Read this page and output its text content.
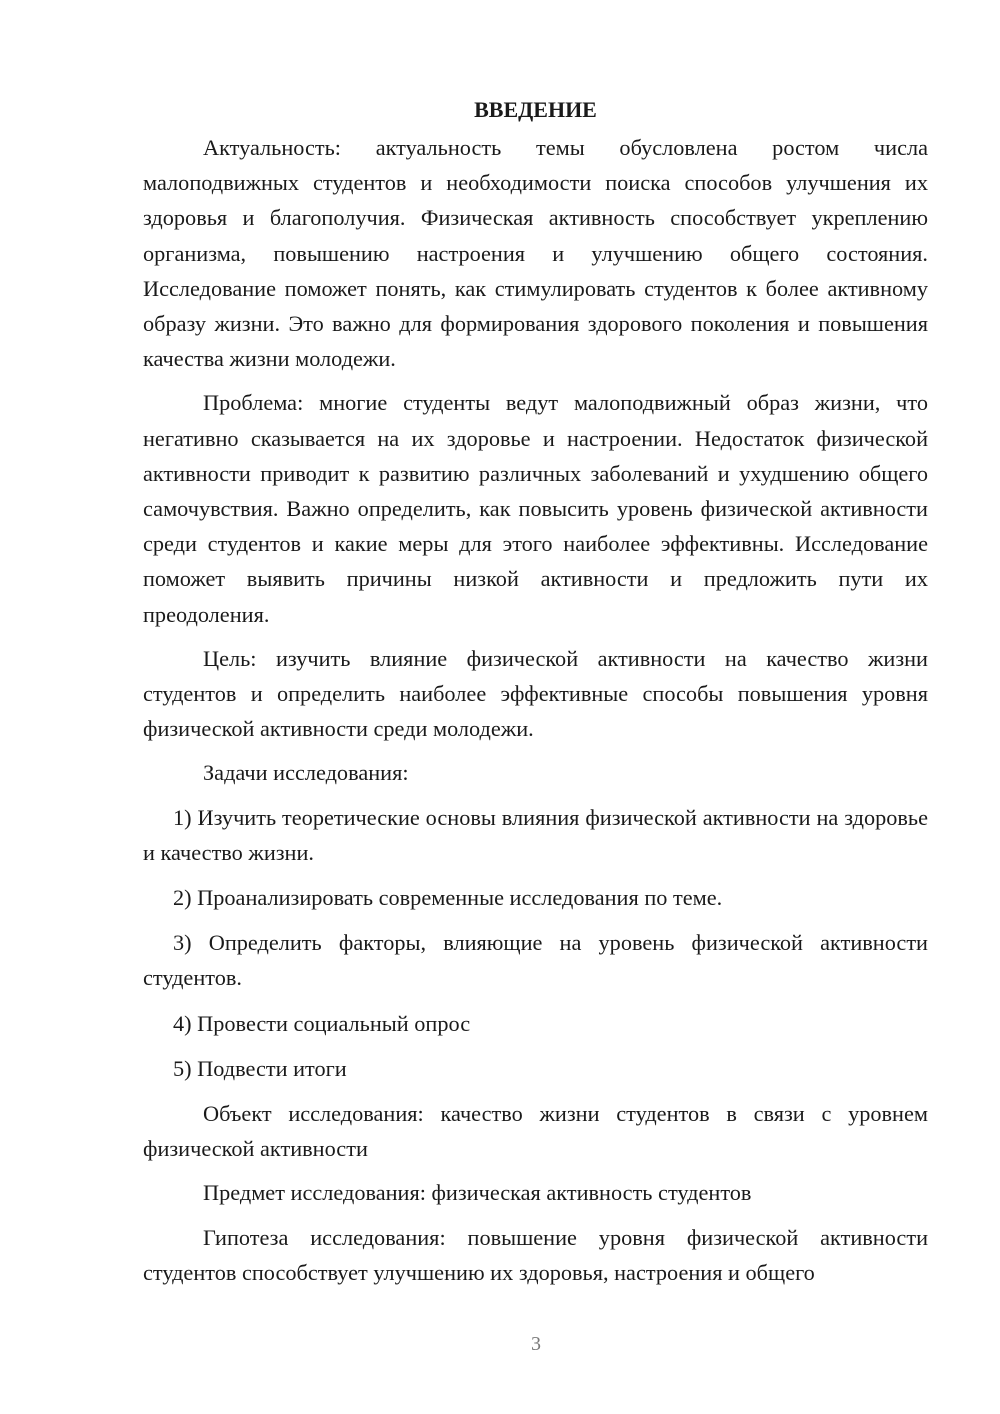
ВВЕДЕНИЕ

Актуальность: актуальность темы обусловлена ростом числа малоподвижных студентов и необходимости поиска способов улучшения их здоровья и благополучия. Физическая активность способствует укреплению организма, повышению настроения и улучшению общего состояния. Исследование поможет понять, как стимулировать студентов к более активному образу жизни. Это важно для формирования здорового поколения и повышения качества жизни молодежи.

Проблема: многие студенты ведут малоподвижный образ жизни, что негативно сказывается на их здоровье и настроении. Недостаток физической активности приводит к развитию различных заболеваний и ухудшению общего самочувствия. Важно определить, как повысить уровень физической активности среди студентов и какие меры для этого наиболее эффективны. Исследование поможет выявить причины низкой активности и предложить пути их преодоления.

Цель: изучить влияние физической активности на качество жизни студентов и определить наиболее эффективные способы повышения уровня физической активности среди молодежи.

Задачи исследования:

1) Изучить теоретические основы влияния физической активности на здоровье и качество жизни.

2) Проанализировать современные исследования по теме.

3) Определить факторы, влияющие на уровень физической активности студентов.

4) Провести социальный опрос

5) Подвести итоги

Объект исследования: качество жизни студентов в связи с уровнем физической активности

Предмет исследования: физическая активность студентов

Гипотеза исследования: повышение уровня физической активности студентов способствует улучшению их здоровья, настроения и общего

3
